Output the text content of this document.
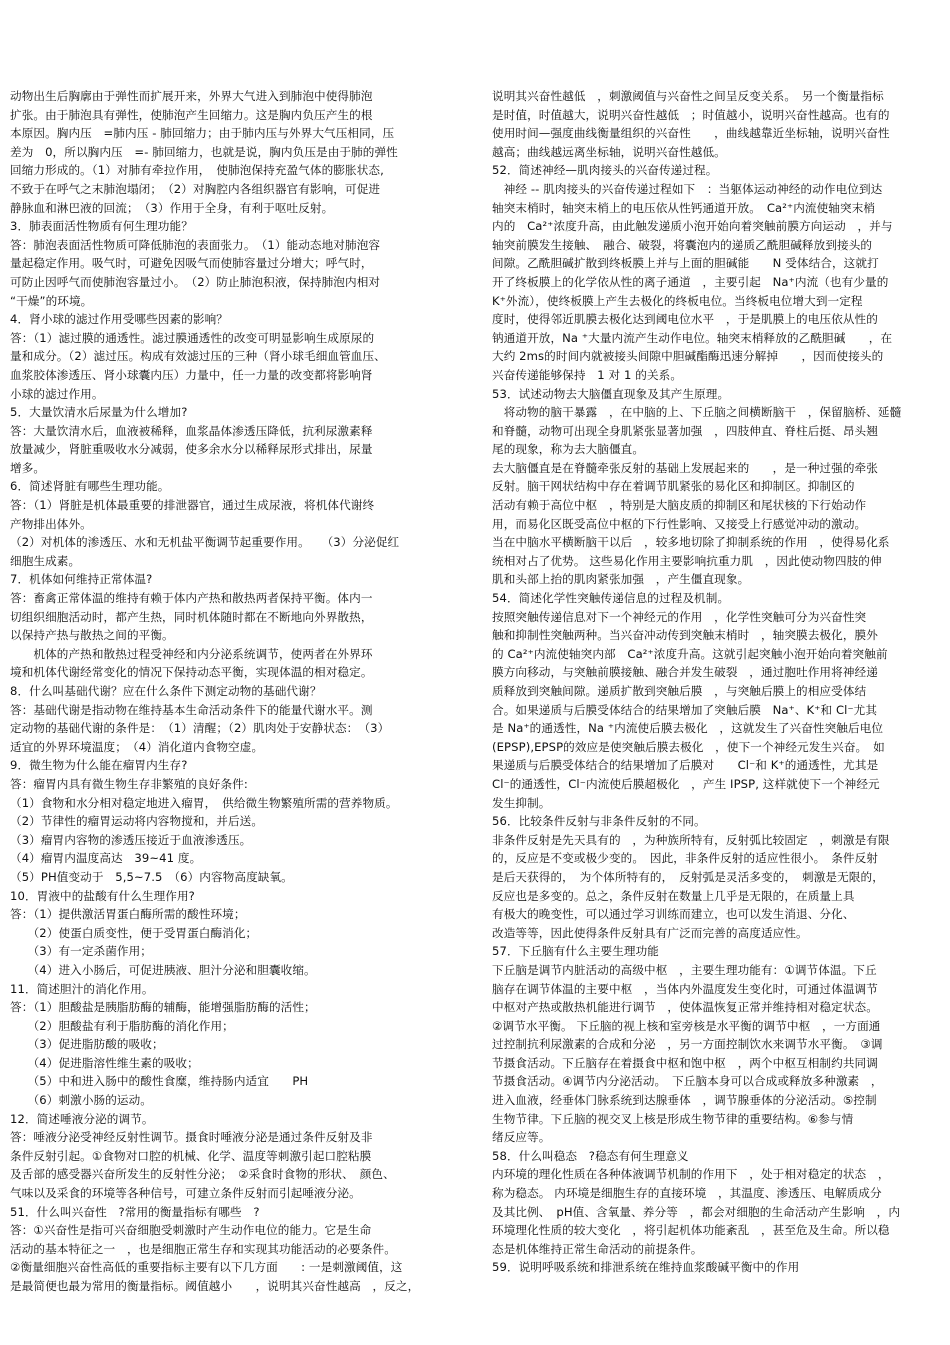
动物出生后胸廓由于弹性而扩展开来，外界大气进入到肺泡中使得肺泡
扩张。由于肺泡具有弹性，使肺泡产生回缩力。这是胸内负压产生的根
本原因。胸内压　=肺内压 - 肺回缩力；由于肺内压与外界大气压相同，压
差为　0，所以胸内压　=- 肺回缩力，也就是说，胸内负压是由于肺的弹性
回缩力形成的。（1）对肺有牵拉作用，　使肺泡保持充盈气体的膨胀状态,
不致于在呼气之末肺泡塌闭；　（2）对胸腔内各组织器官有影响，可促进
静脉血和淋巴液的回流；　（3）作用于全身，有利于呕吐反射。
3．肺表面活性物质有何生理功能？
答：肺泡表面活性物质可降低肺泡的表面张力。　（1）能动态地对肺泡容
量起稳定作用。吸气时，可避免因吸气而使肺容量过分增大；呼气时，
可防止因呼气而使肺泡容量过小。　（2）防止肺泡积液，保持肺泡内相对
“干燥”的环境。
4．肾小球的滤过作用受哪些因素的影响？
答：（1）滤过膜的通透性。滤过膜通透性的改变可明显影响生成原尿的
量和成分。（2）滤过压。构成有效滤过压的三种（肾小球毛细血管血压、
血浆胶体渗透压、肾小球囊内压）力量中，任一力量的改变都将影响肾
小球的滤过作用。
5．大量饮清水后尿量为什么增加?
答：大量饮清水后，血液被稀释，血浆晶体渗透压降低，抗利尿激素释
放量减少，肾脏重吸收水分减弱，使多余水分以稀释尿形式排出，尿量
增多。
6．简述肾脏有哪些生理功能。
答：（1）肾脏是机体最重要的排泄器官，通过生成尿液，将机体代谢终
产物排出体外。
（2）对机体的渗透压、水和无机盐平衡调节起重要作用。　　（3）分泌促红
细胞生成素。
7．机体如何维持正常体温?
答：畜禽正常体温的维持有赖于体内产热和散热两者保持平衡。体内一
切组织细胞活动时，都产生热，同时机体随时都在不断地向外界散热，
以保持产热与散热之间的平衡。
　　机体的产热和散热过程受神经和内分泌系统调节，使两者在外界环
境和机体代谢经常变化的情况下保持动态平衡，实现体温的相对稳定。
8．什么叫基础代谢？应在什么条件下测定动物的基础代谢？
答：基础代谢是指动物在维持基本生命活动条件下的能量代谢水平。测
定动物的基础代谢的条件是：　（1）清醒；（2）肌肉处于安静状态：　（3）
适宜的外界环境温度；　（4）消化道内食物空虚。
9．微生物为什么能在瘤胃内生存?
答：瘤胃内具有微生物生存非繁殖的良好条件:
（1）食物和水分相对稳定地进入瘤胃，　供给微生物繁殖所需的营养物质。
（2）节律性的瘤胃运动将内容物搅和，并后送。
（3）瘤胃内容物的渗透压接近于血液渗透压。
（4）瘤胃内温度高达　39~41 度。
（5）PH值变动于　5,5~7.5　（6）内容物高度缺氧。
10．胃液中的盐酸有什么生理作用?
答：（1）提供激活胃蛋白酶所需的酸性环境；
　　（2）使蛋白质变性，便于受胃蛋白酶消化；
　　（3）有一定杀菌作用；
　　（4）进入小肠后，可促进胰液、胆汁分泌和胆囊收缩。
11．简述胆汁的消化作用。
答：（1）胆酸盐是胰脂肪酶的辅酶，能增强脂肪酶的活性；
　　（2）胆酸盐有利于脂肪酶的消化作用；
　　（3）促进脂肪酸的吸收；
　　（4）促进脂溶性维生素的吸收；
　　（5）中和进入肠中的酸性食糜，维持肠内适宜　　PH
　　（6）刺激小肠的运动。
12．简述唾液分泌的调节。
答：唾液分泌受神经反射性调节。摄食时唾液分泌是通过条件反射及非
条件反射引起。①食物对口腔的机械、化学、温度等刺激引起口腔粘膜
及舌部的感受器兴奋所发生的反射性分泌；　②采食时食物的形状、　颜色、
气味以及采食的环境等各种信号，可建立条件反射而引起唾液分泌。
51．什么叫兴奋性　?常用的衡量指标有哪些　?
答：①兴奋性是指可兴奋细胞受刺激时产生动作电位的能力。它是生命
活动的基本特征之一　，也是细胞正常生存和实现其功能活动的必要条件。
②衡量细胞兴奋性高低的重要指标主要有以下几方面　　: 一是刺激阈值，这
是最简便也最为常用的衡量指标。阈值越小　　，说明其兴奋性越高　，反之，
说明其兴奋性越低　，刺激阈值与兴奋性之间呈反变关系。　另一个衡量指标
是时值，时值越大，说明兴奋性越低　；时值越小，说明兴奋性越高。也有的
使用时间—强度曲线衡量组织的兴奋性　　，曲线越靠近坐标轴，说明兴奋性
越高；曲线越远离坐标轴，说明兴奋性越低。
52．简述神经—肌肉接头的兴奋传递过程。
　神经 -- 肌肉接头的兴奋传递过程如下　：当躯体运动神经的动作电位到达
轴突末梢时，轴突末梢上的电压依从性钙通道开放。　Ca²⁺内流使轴突末梢
内的　Ca²⁺浓度升高，由此触发递质小泡开始向着突触前膜方向运动　，并与
轴突前膜发生接触、　融合、破裂，将囊泡内的递质乙酰胆碱释放到接头的
间隙。乙酰胆碱扩散到终板膜上并与上面的胆碱能　　N 受体结合，这就打
开了终板膜上的化学依从性的离子通道　，主要引起　Na⁺内流（也有少量的
K⁺外流），使终板膜上产生去极化的终板电位。当终板电位增大到一定程
度时，使得邻近肌膜去极化达到阈电位水平　，于是肌膜上的电压依从性的
钠通道开放，Na ⁺大量内流产生动作电位。轴突末梢释放的乙酰胆碱　　，在
大约 2ms的时间内就被接头间隙中胆碱酯酶迅速分解掉　　，因而使接头的
兴奋传递能够保持　1 对 1 的关系。
53．试述动物去大脑僵直现象及其产生原理。
　将动物的脑干暴露　，在中脑的上、下丘脑之间横断脑干　，保留脑桥、延髓
和脊髓，动物可出现全身肌紧张显著加强　，四肢伸直、脊柱后挺、昂头翘
尾的现象，称为去大脑僵直。
去大脑僵直是在脊髓牵张反射的基础上发展起来的　　，是一种过强的牵张
反射。脑干网状结构中存在着调节肌紧张的易化区和抑制区。抑制区的
活动有赖于高位中枢　，特别是大脑皮质的抑制区和尾状核的下行始动作
用，而易化区既受高位中枢的下行性影响、又接受上行感觉冲动的激动。
当在中脑水平横断脑干以后　，较多地切除了抑制系统的作用　，使得易化系
统相对占了优势。 这些易化作用主要影响抗重力肌　，因此使动物四肢的伸
肌和头部上抬的肌肉紧张加强　，产生僵直现象。
54．简述化学性突触传递信息的过程及机制。
按照突触传递信息对下一个神经元的作用　，化学性突触可分为兴奋性突
触和抑制性突触两种。当兴奋冲动传到突触末梢时　，轴突膜去极化，膜外
的 Ca²⁺内流使轴突内部　Ca²⁺浓度升高。这就引起突触小泡开始向着突触前
膜方向移动，与突触前膜接触、融合并发生破裂　，通过胞吐作用将神经递
质释放到突触间隙。递质扩散到突触后膜　，与突触后膜上的相应受体结
合。如果递质与后膜受体结合的结果增加了突触后膜　Na⁺、K⁺和 Cl⁻尤其
是 Na⁺的通透性，Na ⁺内流使后膜去极化　，这就发生了兴奋性突触后电位
(EPSP),EPSP的效应是使突触后膜去极化　，使下一个神经元发生兴奋。　如
果递质与后膜受体结合的结果增加了后膜对　　Cl⁻和 K⁺的通透性，尤其是
Cl⁻的通透性，Cl⁻内流使后膜超极化　，产生 IPSP, 这样就使下一个神经元
发生抑制。
56．比较条件反射与非条件反射的不同。
非条件反射是先天具有的　，为种族所特有，反射弧比较固定　，刺激是有限
的，反应是不变或极少变的。　因此，非条件反射的适应性很小。　条件反射
是后天获得的，　为个体所特有的，　反射弧是灵活多变的，　刺激是无限的，
反应也是多变的。总之，条件反射在数量上几乎是无限的，在质量上具
有极大的晚变性，可以通过学习训练而建立，也可以发生消退、分化、
改造等等，因此使得条件反射具有广泛而完善的高度适应性。
57．下丘脑有什么主要生理功能
下丘脑是调节内脏活动的高级中枢　，主要生理功能有：①调节体温。下丘
脑存在调节体温的主要中枢　，当体内外温度发生变化时，可通过体温调节
中枢对产热或散热机能进行调节　，使体温恢复正常并维持相对稳定状态。
②调节水平衡。 下丘脑的视上核和室旁核是水平衡的调节中枢　，一方面通
过控制抗利尿激素的合成和分泌　，另一方面控制饮水来调节水平衡。　③调
节摄食活动。下丘脑存在着摄食中枢和饱中枢　，两个中枢互相制约共同调
节摄食活动。④调节内分泌活动。　下丘脑本身可以合成或释放多种激素　，
进入血液，经垂体门脉系统到达腺垂体　，调节腺垂体的分泌活动。⑤控制
生物节律。下丘脑的视交叉上核是形成生物节律的重要结构。⑥参与情
绪反应等。
58．什么叫稳态　?稳态有何生理意义
内环境的理化性质在各种体液调节机制的作用下　，处于相对稳定的状态　，
称为稳态。 内环境是细胞生存的直接环境　，其温度、渗透压、电解质成分
及其比例、　pH值、含氧量、养分等　，都会对细胞的生命活动产生影响　，内
环境理化性质的较大变化　，将引起机体功能紊乱　，甚至危及生命。所以稳
态是机体维持正常生命活动的前提条件。
59．说明呼吸系统和排泄系统在维持血浆酸碱平衡中的作用
